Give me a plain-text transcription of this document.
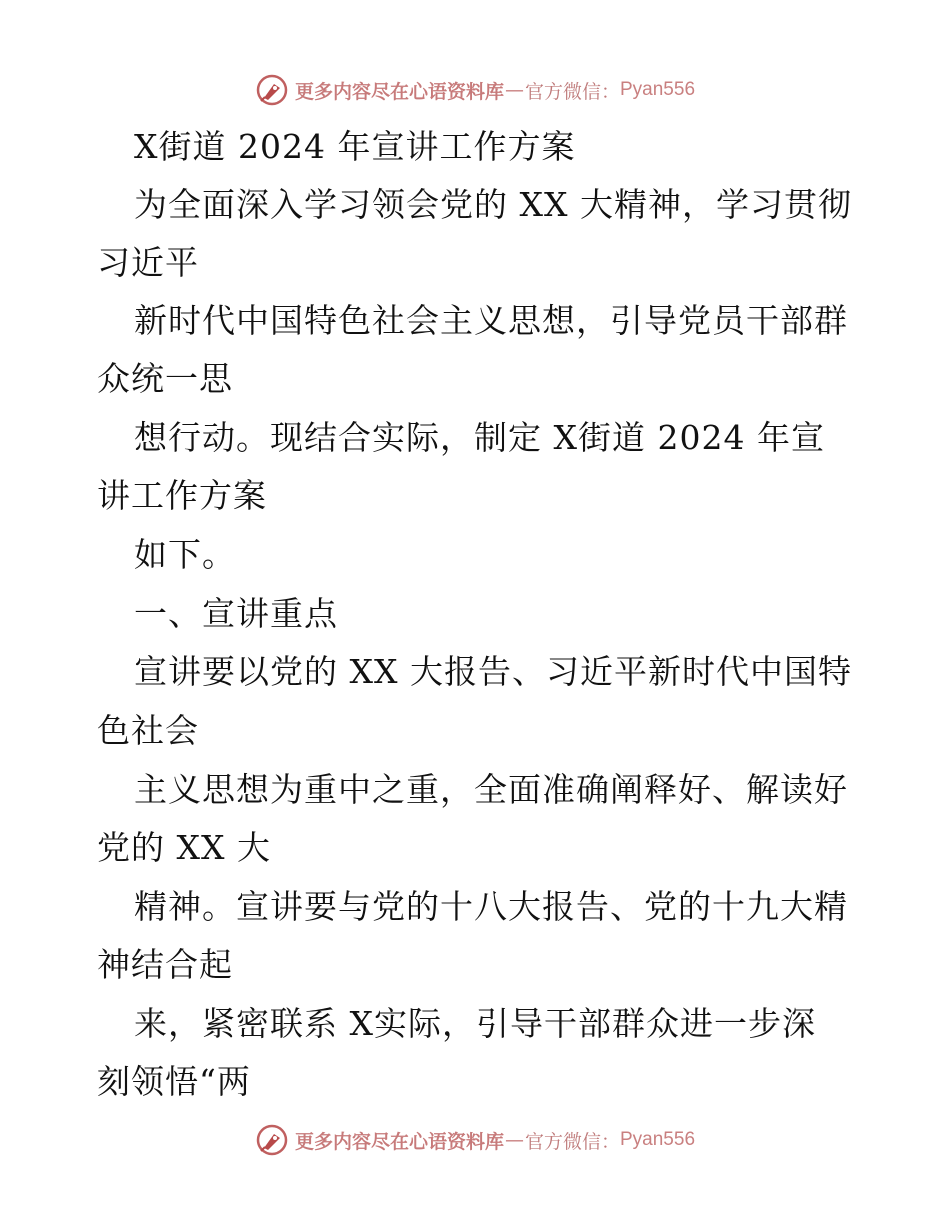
更多内容尽在心语资料库 — 官方微信： Pyan556
X街道 2024 年宣讲工作方案
为全面深入学习领会党的 XX 大精神，学习贯彻
习近平
新时代中国特色社会主义思想，引导党员干部群
众统一思
想行动。现结合实际，制定 X街道 2024 年宣
讲工作方案
如下。
一、宣讲重点
宣讲要以党的 XX 大报告、习近平新时代中国特
色社会
主义思想为重中之重，全面准确阐释好、解读好
党的 XX 大
精神。宣讲要与党的十八大报告、党的十九大精
神结合起
来，紧密联系 X实际，引导干部群众进一步深
刻领悟“两
更多内容尽在心语资料库 — 官方微信： Pyan556
